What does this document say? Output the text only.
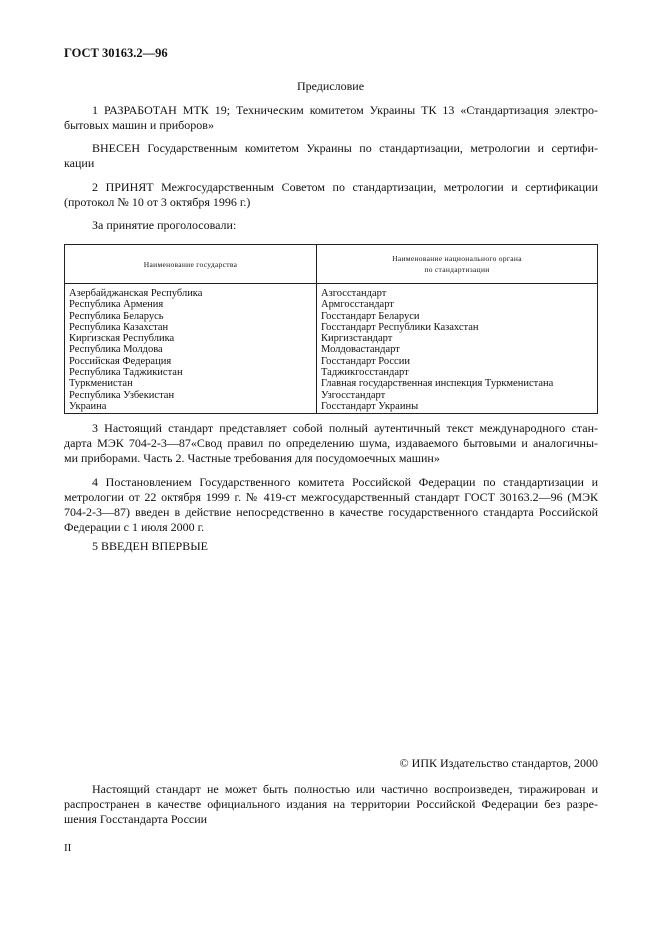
ГОСТ 30163.2—96
Предисловие
1 РАЗРАБОТАН МТК 19; Техническим комитетом Украины ТК 13 «Стандартизация электро-
бытовых машин и приборов»
ВНЕСЕН Государственным комитетом Украины по стандартизации, метрологии и сертифи-
кации
2 ПРИНЯТ Межгосударственным Советом по стандартизации, метрологии и сертификации
(протокол № 10 от 3 октября 1996 г.)
За принятие проголосовали:
Наименование государства	Наименование национального органа
по стандартизации
Азербайджанская Республика	Азгосстандарт
Республика Армения	Армгосстандарт
Республика Беларусь	Госстандарт Беларуси
Республика Казахстан	Госстандарт Республики Казахстан
Киргизская Республика	Киргизстандарт
Республика Молдова	Молдовастандарт
Российская Федерация	Госстандарт России
Республика Таджикистан	Таджикгосстандарт
Туркменистан	Главная государственная инспекция Туркменистана
Республика Узбекистан	Узгосстандарт
Украина	Госстандарт Украины
3 Настоящий стандарт представляет собой полный аутентичный текст международного стан-
дарта МЭК 704-2-3—87«Свод правил по определению шума, издаваемого бытовыми и аналогичны-
ми приборами. Часть 2. Частные требования для посудомоечных машин»
4 Постановлением Государственного комитета Российской Федерации по стандартизации и
метрологии от 22 октября 1999 г. № 419-ст межгосударственный стандарт ГОСТ 30163.2—96 (МЭК
704-2-3—87) введен в действие непосредственно в качестве государственного стандарта Российской
Федерации с 1 июля 2000 г.
5 ВВЕДЕН ВПЕРВЫЕ
© ИПК Издательство стандартов, 2000
Настоящий стандарт не может быть полностью или частично воспроизведен, тиражирован и
распространен в качестве официального издания на территории Российской Федерации без разре-
шения Госстандарта России
II
